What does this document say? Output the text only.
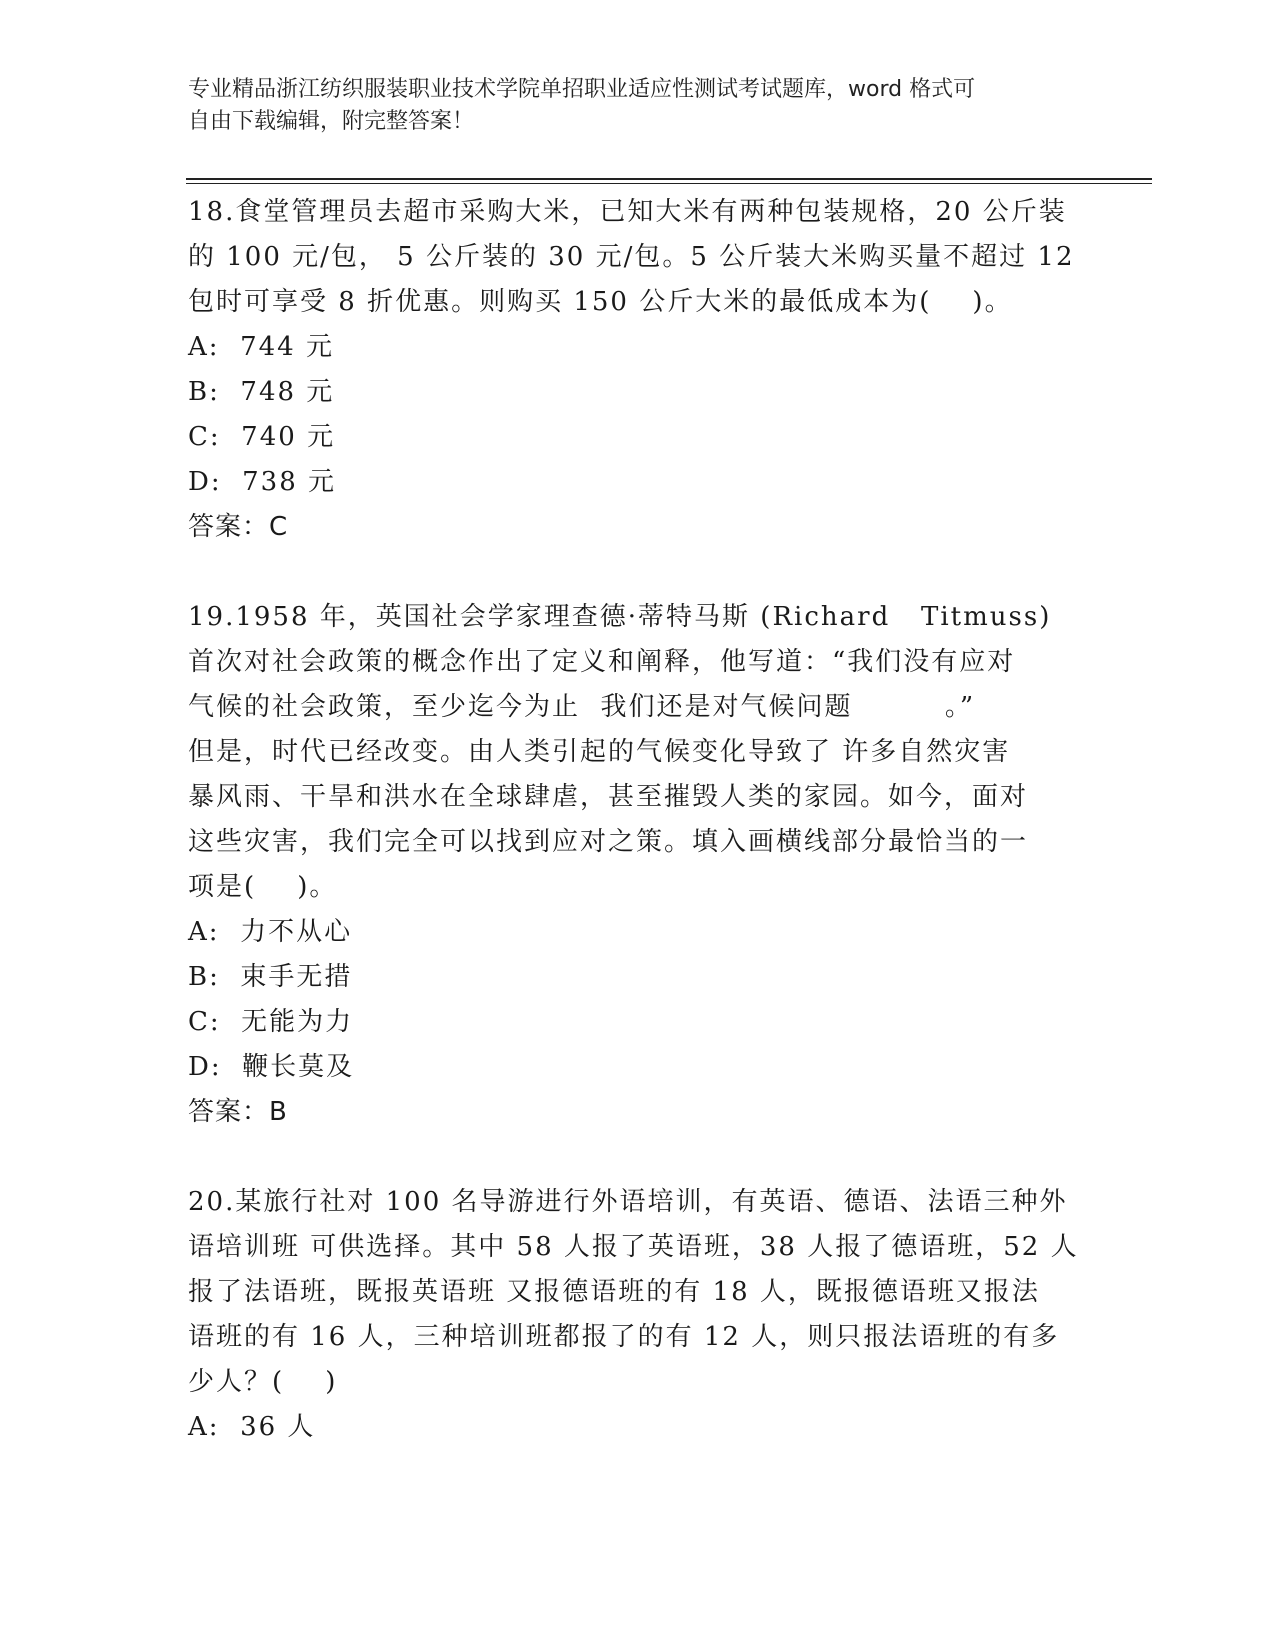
专业精品浙江纺织服装职业技术学院单招职业适应性测试考试题库，word 格式可
自由下载编辑，附完整答案！
18.食堂管理员去超市采购大米，已知大米有两种包装规格，20 公斤装
的 100 元/包， 5 公斤装的 30 元/包。5 公斤装大米购买量不超过 12
包时可享受 8 折优惠。则购买 150 公斤大米的最低成本为(    )。
A:  744 元
B:  748 元
C:  740 元
D:  738 元
答案：C
19.1958 年，英国社会学家理查德·蒂特马斯 (Richard   Titmuss)
首次对社会政策的概念作出了定义和阐释，他写道：“我们没有应对
气候的社会政策，至少迄今为止  我们还是对气候问题         。”
但是，时代已经改变。由人类引起的气候变化导致了 许多自然灾害
暴风雨、干旱和洪水在全球肆虐，甚至摧毁人类的家园。如今，面对
这些灾害，我们完全可以找到应对之策。填入画横线部分最恰当的一
项是(    )。
A:  力不从心
B:  束手无措
C:  无能为力
D:  鞭长莫及
答案：B
20.某旅行社对 100 名导游进行外语培训，有英语、德语、法语三种外
语培训班 可供选择。其中 58 人报了英语班，38 人报了德语班，52 人
报了法语班，既报英语班 又报德语班的有 18 人，既报德语班又报法
语班的有 16 人，三种培训班都报了的有 12 人，则只报法语班的有多
少人？(    )
A:  36 人
